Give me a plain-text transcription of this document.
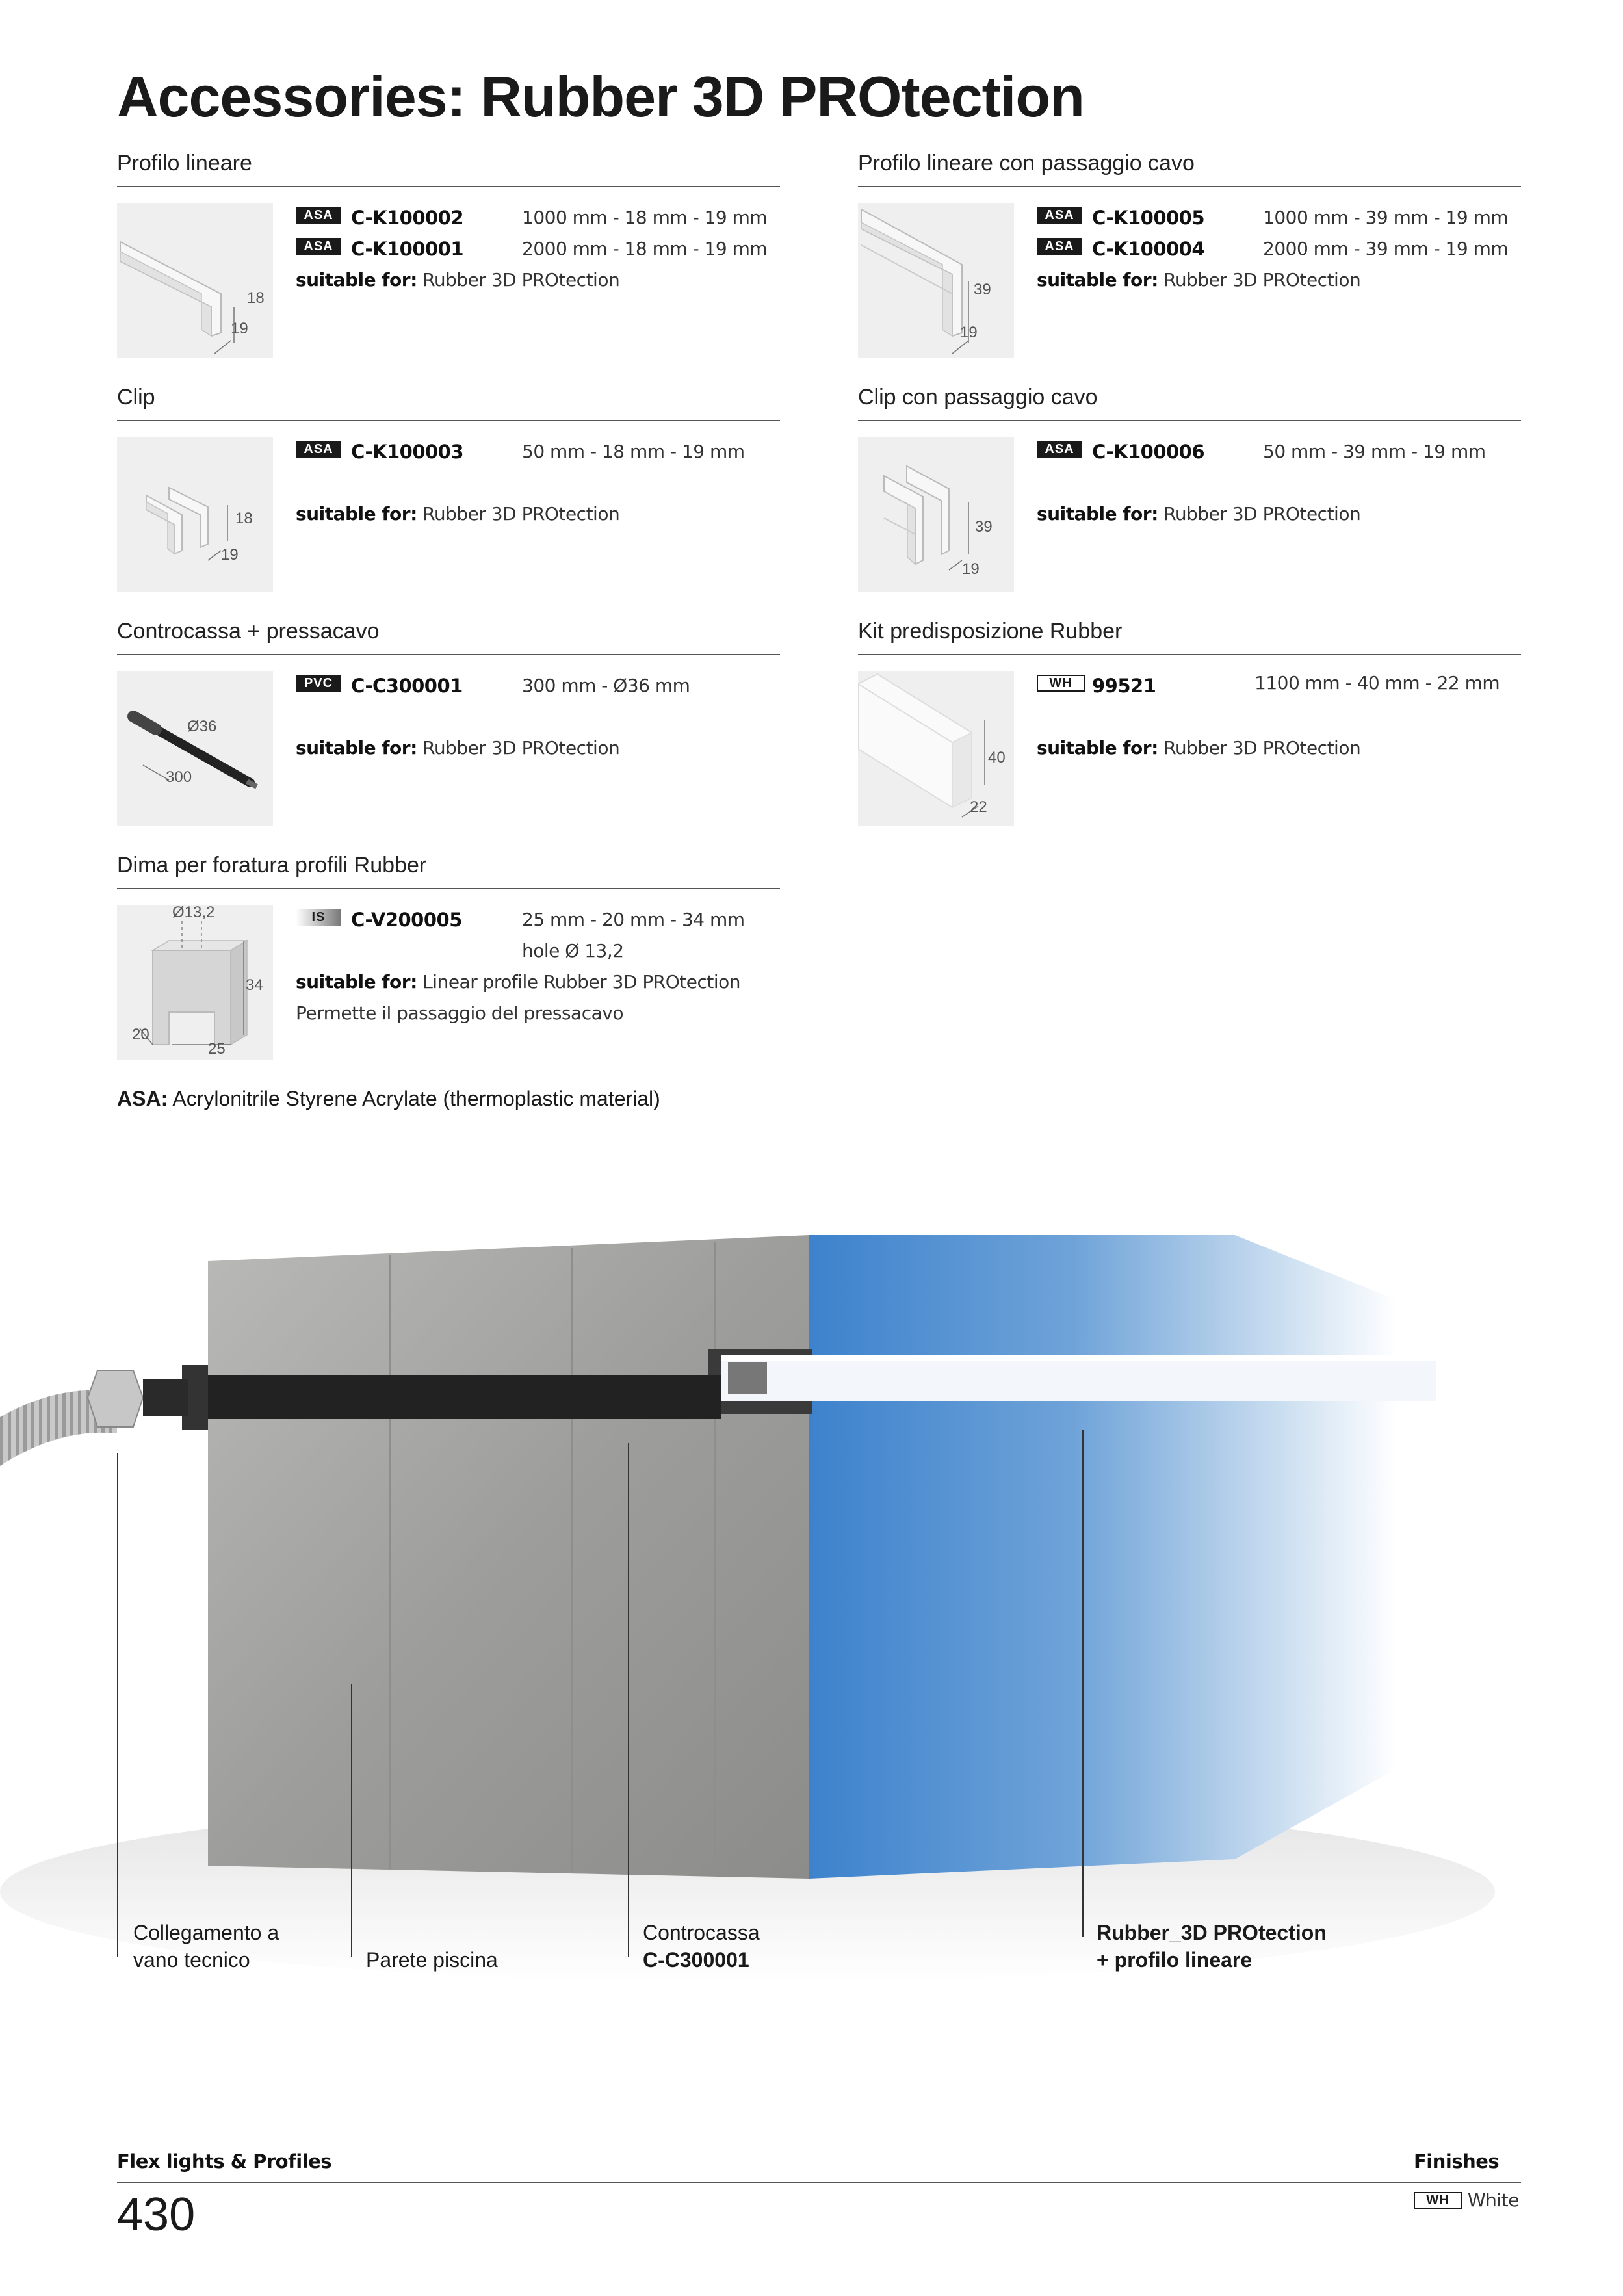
Accessories: Rubber 3D PROtection
Profilo lineare
18
19
ASA C-K100002	1000 mm - 18 mm - 19 mm
ASA C-K100001	2000 mm - 18 mm - 19 mm
suitable for: Rubber 3D PROtection
Profilo lineare con passaggio cavo
39
19
ASA C-K100005	1000 mm - 39 mm - 19 mm
ASA C-K100004	2000 mm - 39 mm - 19 mm
suitable for: Rubber 3D PROtection
Clip
18
19
ASA C-K100003	50 mm - 18 mm - 19 mm
suitable for: Rubber 3D PROtection
Clip con passaggio cavo
39
19
ASA C-K100006	50 mm - 39 mm - 19 mm
suitable for: Rubber 3D PROtection
Controcassa + pressacavo
Ø36
300
PVC C-C300001	300 mm - Ø36 mm
suitable for: Rubber 3D PROtection
Kit predisposizione Rubber
40
22
WH	99521	1100 mm - 40 mm - 22 mm
suitable for: Rubber 3D PROtection
Dima per foratura profili Rubber
Ø13,2
34
20
25
IS	C-V200005	25 mm - 20 mm - 34 mm
hole Ø 13,2
suitable for: Linear profile Rubber 3D PROtection
Permette il passaggio del pressacavo
ASA: Acrylonitrile Styrene Acrylate (thermoplastic material)
Collegamento a
vano tecnico	Parete piscina
Controcassa
C-C300001
Rubber_3D PROtection
+ profilo lineare
Flex lights & Profiles	Finishes
430	WH	White
